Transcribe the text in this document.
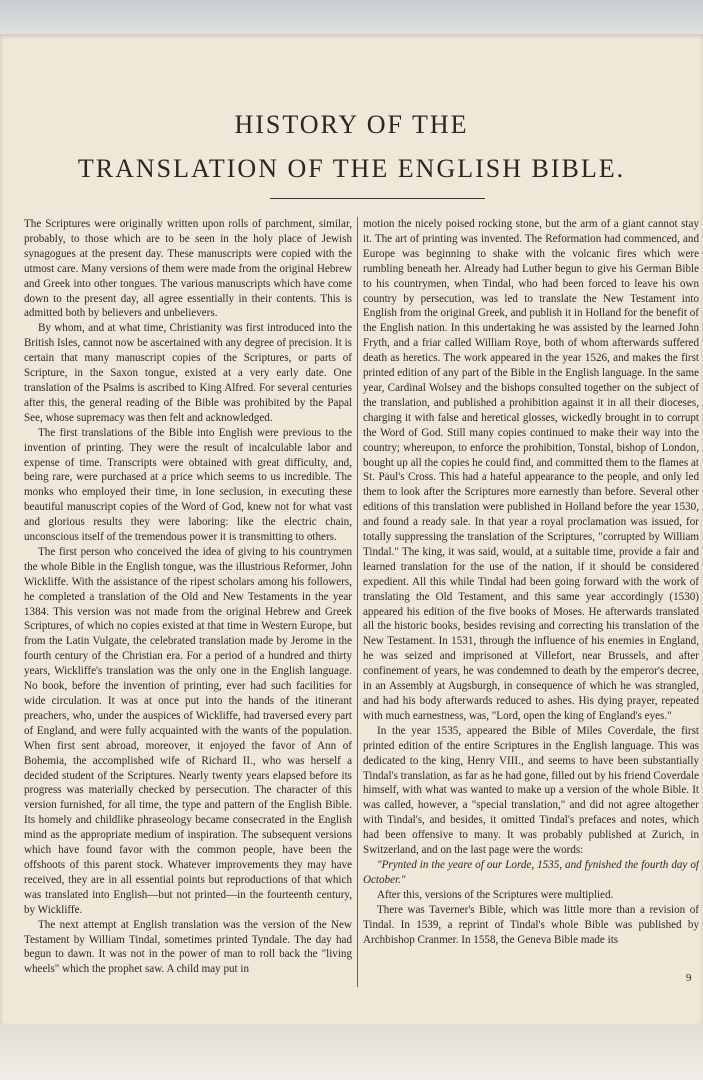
HISTORY OF THE
TRANSLATION OF THE ENGLISH BIBLE.

The Scriptures were originally written upon rolls of parchment, similar, probably, to those which are to be seen in the holy place of Jewish synagogues at the present day. These manuscripts were copied with the utmost care. Many versions of them were made from the original Hebrew and Greek into other tongues. The various manuscripts which have come down to the present day, all agree essentially in their contents. This is admitted both by believers and unbelievers.

By whom, and at what time, Christianity was first introduced into the British Isles, cannot now be ascertained with any degree of precision. It is certain that many manuscript copies of the Scriptures, or parts of Scripture, in the Saxon tongue, existed at a very early date. One translation of the Psalms is ascribed to King Alfred. For several centuries after this, the general reading of the Bible was prohibited by the Papal See, whose supremacy was then felt and acknowledged.

The first translations of the Bible into English were previous to the invention of printing. They were the result of incalculable labor and expense of time. Transcripts were obtained with great difficulty, and, being rare, were purchased at a price which seems to us incredible. The monks who employed their time, in lone seclusion, in executing these beautiful manuscript copies of the Word of God, knew not for what vast and glorious results they were laboring: like the electric chain, unconscious itself of the tremendous power it is transmitting to others.

The first person who conceived the idea of giving to his countrymen the whole Bible in the English tongue, was the illustrious Reformer, John Wickliffe. With the assistance of the ripest scholars among his followers, he completed a translation of the Old and New Testaments in the year 1384. This version was not made from the original Hebrew and Greek Scriptures, of which no copies existed at that time in Western Europe, but from the Latin Vulgate, the celebrated translation made by Jerome in the fourth century of the Christian era. For a period of a hundred and thirty years, Wickliffe's translation was the only one in the English language. No book, before the invention of printing, ever had such facilities for wide circulation. It was at once put into the hands of the itinerant preachers, who, under the auspices of Wickliffe, had traversed every part of England, and were fully acquainted with the wants of the population. When first sent abroad, moreover, it enjoyed the favor of Ann of Bohemia, the accomplished wife of Richard II., who was herself a decided student of the Scriptures. Nearly twenty years elapsed before its progress was materially checked by persecution. The character of this version furnished, for all time, the type and pattern of the English Bible. Its homely and childlike phraseology became consecrated in the English mind as the appropriate medium of inspiration. The subsequent versions which have found favor with the common people, have been the offshoots of this parent stock. Whatever improvements they may have received, they are in all essential points but reproductions of that which was translated into English—but not printed—in the fourteenth century, by Wickliffe.

The next attempt at English translation was the version of the New Testament by William Tindal, sometimes printed Tyndale. The day had begun to dawn. It was not in the power of man to roll back the "living wheels" which the prophet saw. A child may put in

motion the nicely poised rocking stone, but the arm of a giant cannot stay it. The art of printing was invented. The Reformation had commenced, and Europe was beginning to shake with the volcanic fires which were rumbling beneath her. Already had Luther begun to give his German Bible to his countrymen, when Tindal, who had been forced to leave his own country by persecution, was led to translate the New Testament into English from the original Greek, and publish it in Holland for the benefit of the English nation. In this undertaking he was assisted by the learned John Fryth, and a friar called William Roye, both of whom afterwards suffered death as heretics. The work appeared in the year 1526, and makes the first printed edition of any part of the Bible in the English language. In the same year, Cardinal Wolsey and the bishops consulted together on the subject of the translation, and published a prohibition against it in all their dioceses, charging it with false and heretical glosses, wickedly brought in to corrupt the Word of God. Still many copies continued to make their way into the country; whereupon, to enforce the prohibition, Tonstal, bishop of London, bought up all the copies he could find, and committed them to the flames at St. Paul's Cross. This had a hateful appearance to the people, and only led them to look after the Scriptures more earnestly than before. Several other editions of this translation were published in Holland before the year 1530, and found a ready sale. In that year a royal proclamation was issued, for totally suppressing the translation of the Scriptures, "corrupted by William Tindal." The king, it was said, would, at a suitable time, provide a fair and learned translation for the use of the nation, if it should be considered expedient. All this while Tindal had been going forward with the work of translating the Old Testament, and this same year accordingly (1530) appeared his edition of the five books of Moses. He afterwards translated all the historic books, besides revising and correcting his translation of the New Testament. In 1531, through the influence of his enemies in England, he was seized and imprisoned at Villefort, near Brussels, and after confinement of years, he was condemned to death by the emperor's decree, in an Assembly at Augsburgh, in consequence of which he was strangled, and had his body afterwards reduced to ashes. His dying prayer, repeated with much earnestness, was, "Lord, open the king of England's eyes."

In the year 1535, appeared the Bible of Miles Coverdale, the first printed edition of the entire Scriptures in the English language. This was dedicated to the king, Henry VIII., and seems to have been substantially Tindal's translation, as far as he had gone, filled out by his friend Coverdale himself, with what was wanted to make up a version of the whole Bible. It was called, however, a "special translation," and did not agree altogether with Tindal's, and besides, it omitted Tindal's prefaces and notes, which had been offensive to many. It was probably published at Zurich, in Switzerland, and on the last page were the words:

"Prynted in the yeare of our Lorde, 1535, and fynished the fourth day of October."

After this, versions of the Scriptures were multiplied.

There was Taverner's Bible, which was little more than a revision of Tindal. In 1539, a reprint of Tindal's whole Bible was published by Archbishop Cranmer. In 1558, the Geneva Bible made its

9
